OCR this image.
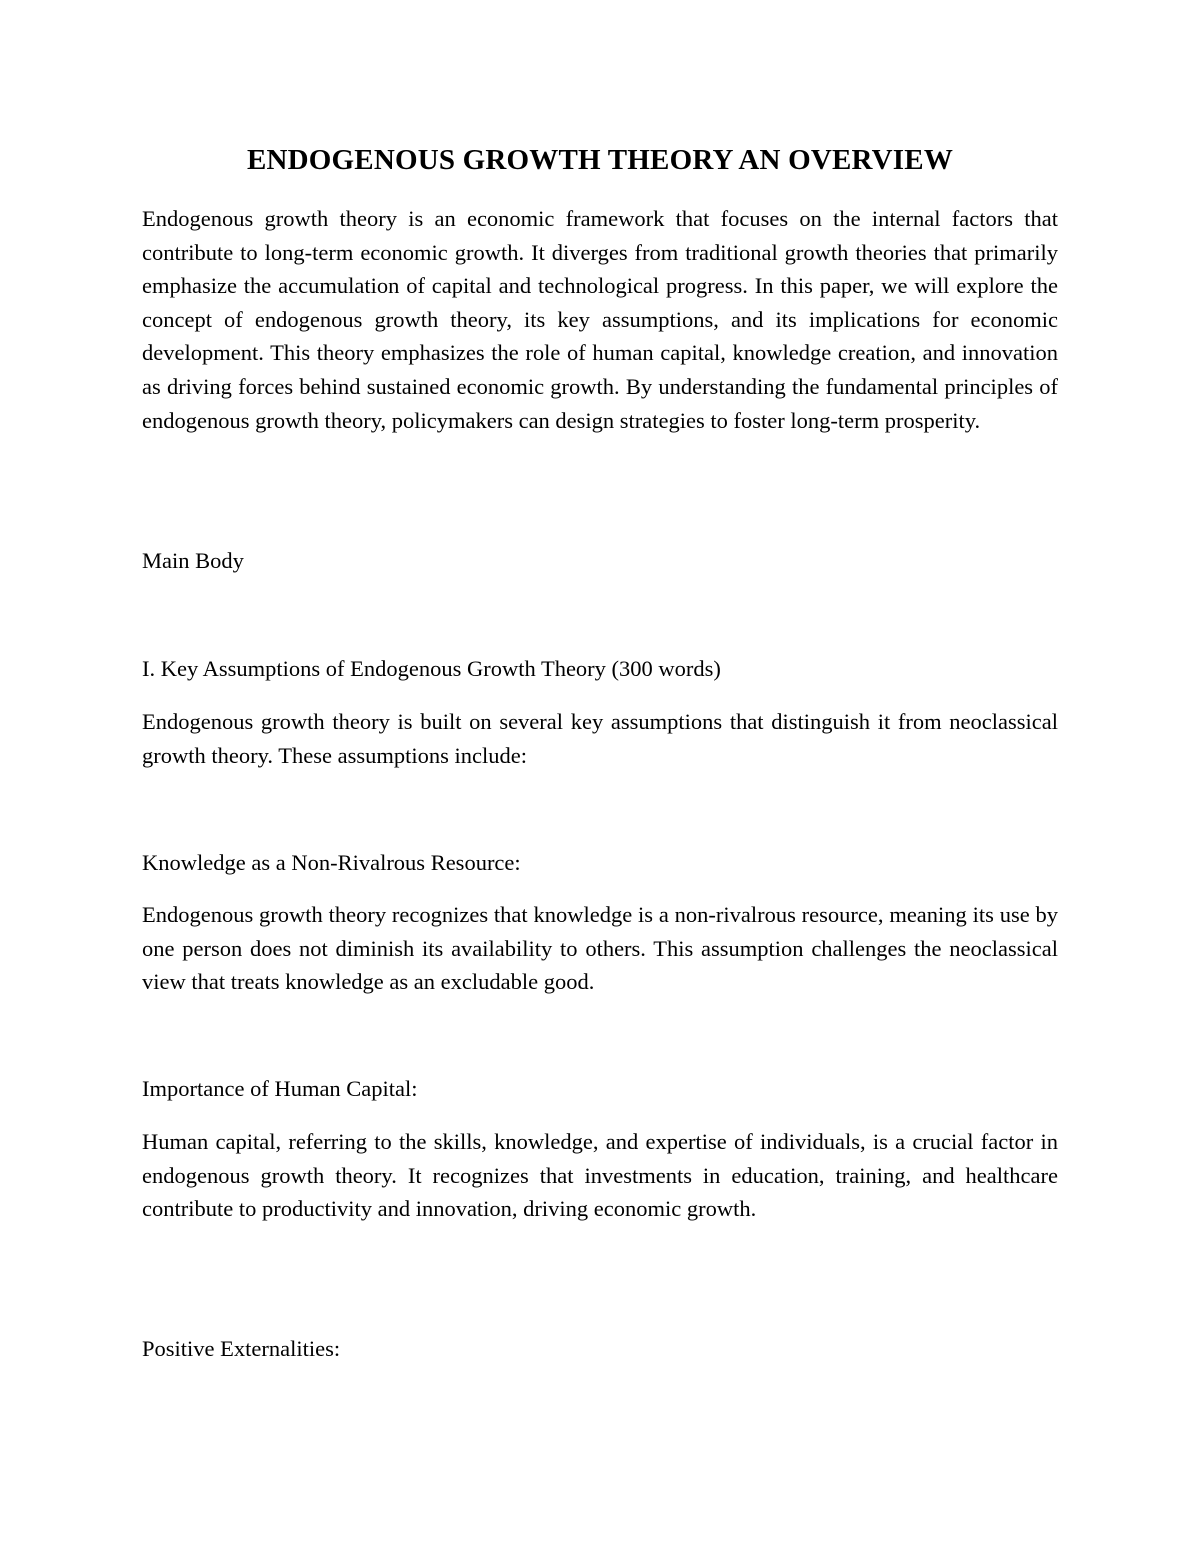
ENDOGENOUS GROWTH THEORY AN OVERVIEW

Endogenous growth theory is an economic framework that focuses on the internal factors that contribute to long-term economic growth. It diverges from traditional growth theories that primarily emphasize the accumulation of capital and technological progress. In this paper, we will explore the concept of endogenous growth theory, its key assumptions, and its implications for economic development. This theory emphasizes the role of human capital, knowledge creation, and innovation as driving forces behind sustained economic growth. By understanding the fundamental principles of endogenous growth theory, policymakers can design strategies to foster long-term prosperity.

Main Body

I. Key Assumptions of Endogenous Growth Theory (300 words)

Endogenous growth theory is built on several key assumptions that distinguish it from neoclassical growth theory. These assumptions include:

Knowledge as a Non-Rivalrous Resource:

Endogenous growth theory recognizes that knowledge is a non-rivalrous resource, meaning its use by one person does not diminish its availability to others. This assumption challenges the neoclassical view that treats knowledge as an excludable good.

Importance of Human Capital:

Human capital, referring to the skills, knowledge, and expertise of individuals, is a crucial factor in endogenous growth theory. It recognizes that investments in education, training, and healthcare contribute to productivity and innovation, driving economic growth.

Positive Externalities:
